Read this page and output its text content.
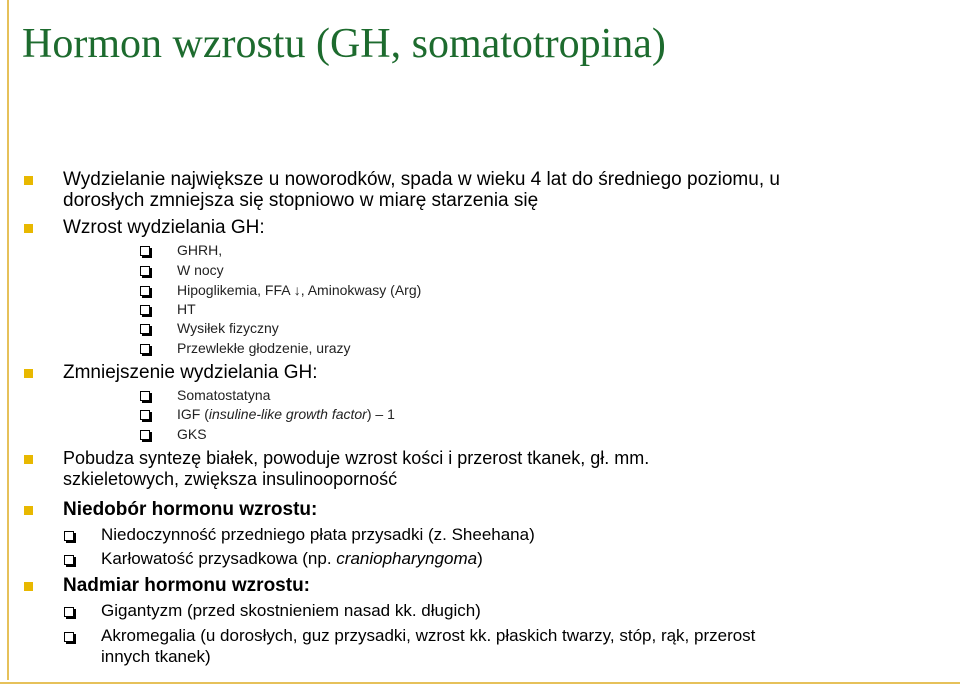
Hormon wzrostu (GH, somatotropina)
Wydzielanie największe u noworodków, spada w wieku 4 lat do średniego poziomu, u
dorosłych zmniejsza się stopniowo w miarę starzenia się
Wzrost wydzielania GH:
GHRH,
W nocy
Hipoglikemia, FFA ↓, Aminokwasy (Arg)
HT
Wysiłek fizyczny
Przewlekłe głodzenie, urazy
Zmniejszenie wydzielania GH:
Somatostatyna
IGF (insuline-like growth factor) – 1
GKS
Pobudza syntezę białek, powoduje wzrost kości i przerost tkanek, gł. mm.
szkieletowych, zwiększa insulinooporność
Niedobór hormonu wzrostu:
Niedoczynność przedniego płata przysadki (z. Sheehana)
Karłowatość przysadkowa (np. craniopharyngoma)
Nadmiar hormonu wzrostu:
Gigantyzm (przed skostnieniem nasad kk. długich)
Akromegalia (u dorosłych, guz przysadki, wzrost kk. płaskich twarzy, stóp, rąk, przerost
innych tkanek)
